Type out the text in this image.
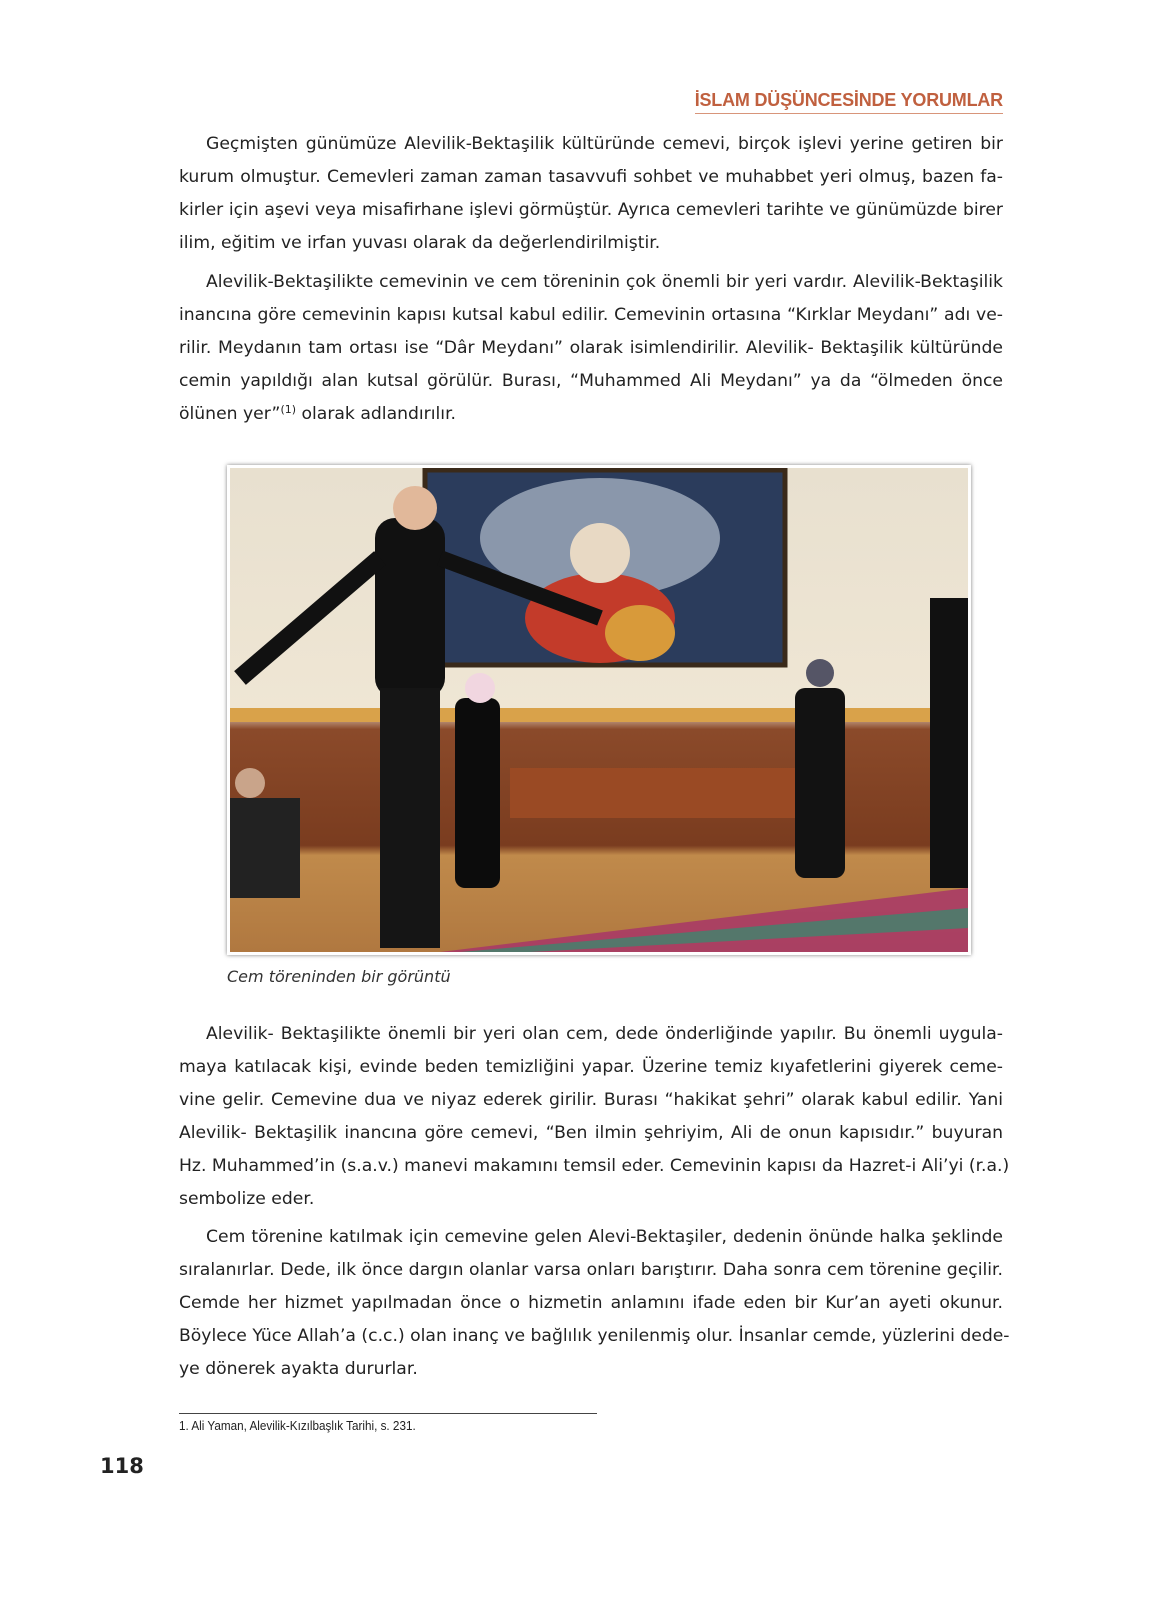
İSLAM DÜŞÜNCESİNDE YORUMLAR
Geçmişten günümüze Alevilik-Bektaşilik kültüründe cemevi, birçok işlevi yerine getiren bir
kurum olmuştur. Cemevleri zaman zaman tasavvufi sohbet ve muhabbet yeri olmuş, bazen fa-
kirler için aşevi veya misafirhane işlevi görmüştür. Ayrıca cemevleri tarihte ve günümüzde birer
ilim, eğitim ve irfan yuvası olarak da değerlendirilmiştir.
Alevilik-Bektaşilikte cemevinin ve cem töreninin çok önemli bir yeri vardır. Alevilik-Bektaşilik
inancına göre cemevinin kapısı kutsal kabul edilir. Cemevinin ortasına “Kırklar Meydanı” adı ve-
rilir. Meydanın tam ortası ise “Dâr Meydanı” olarak isimlendirilir. Alevilik- Bektaşilik kültüründe
cemin yapıldığı alan kutsal görülür. Burası, “Muhammed Ali Meydanı” ya da “ölmeden önce
ölünen yer”$^{(1)}$ olarak adlandırılır.
Cem töreninden bir görüntü
Alevilik- Bektaşilikte önemli bir yeri olan cem, dede önderliğinde yapılır. Bu önemli uygula-
maya katılacak kişi, evinde beden temizliğini yapar. Üzerine temiz kıyafetlerini giyerek ceme-
vine gelir. Cemevine dua ve niyaz ederek girilir. Burası “hakikat şehri” olarak kabul edilir. Yani
Alevilik- Bektaşilik inancına göre cemevi, “Ben ilmin şehriyim, Ali de onun kapısıdır.” buyuran
Hz. Muhammed’in (s.a.v.) manevi makamını temsil eder. Cemevinin kapısı da Hazret-i Ali’yi (r.a.)
sembolize eder.
Cem törenine katılmak için cemevine gelen Alevi-Bektaşiler, dedenin önünde halka şeklinde
sıralanırlar. Dede, ilk önce dargın olanlar varsa onları barıştırır. Daha sonra cem törenine geçilir.
Cemde her hizmet yapılmadan önce o hizmetin anlamını ifade eden bir Kur’an ayeti okunur.
Böylece Yüce Allah’a (c.c.) olan inanç ve bağlılık yenilenmiş olur. İnsanlar cemde, yüzlerini dede-
ye dönerek ayakta dururlar.
1. Ali Yaman, Alevilik-Kızılbaşlık Tarihi, s. 231.
118
